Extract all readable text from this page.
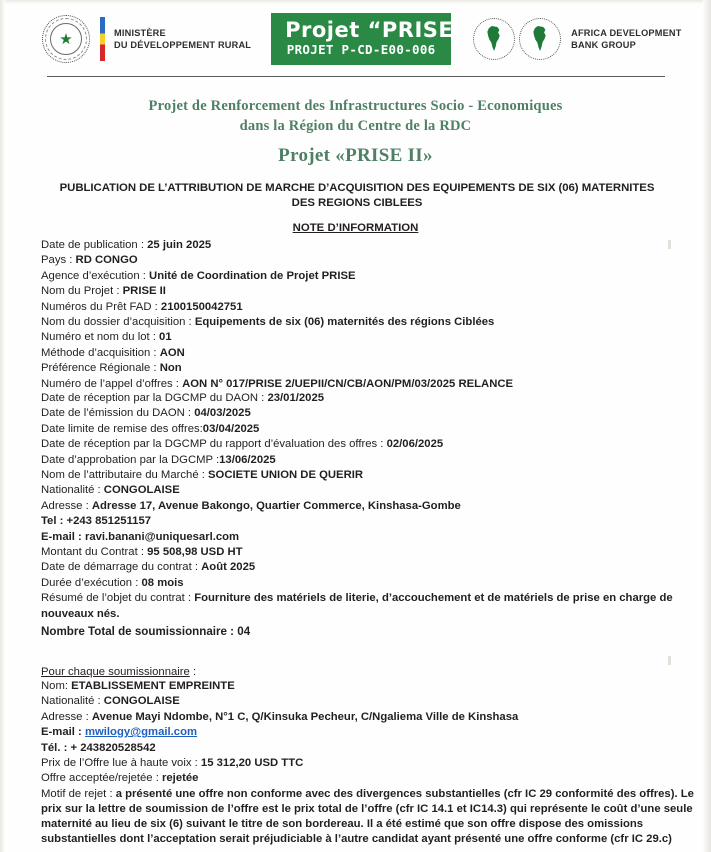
★	MINISTÈRE
DU DÉVELOPPEMENT RURAL
Projet “PRISE”
PROJET P-CD-E00-006
AFRICA DEVELOPMENT
BANK GROUP
Projet de Renforcement des Infrastructures Socio - Economiques
dans la Région du Centre de la RDC
Projet «PRISE II»
PUBLICATION DE L’ATTRIBUTION DE MARCHE D’ACQUISITION DES EQUIPEMENTS DE SIX (06) MATERNITES DES REGIONS CIBLEES
NOTE D’INFORMATION
Date de publication : 25 juin 2025
Pays : RD CONGO
Agence d’exécution : Unité de Coordination de Projet PRISE
Nom du Projet : PRISE II
Numéros du Prêt FAD : 2100150042751
Nom du dossier d’acquisition : Equipements de six (06) maternités des régions Ciblées
Numéro et nom du lot : 01
Méthode d’acquisition : AON
Préférence Régionale : Non
Numéro de l’appel d’offres : AON N° 017/PRISE 2/UEPII/CN/CB/AON/PM/03/2025 RELANCE
Date de réception par la DGCMP du DAON : 23/01/2025
Date de l’émission du DAON : 04/03/2025
Date limite de remise des offres:03/04/2025
Date de réception par la DGCMP du rapport d’évaluation des offres : 02/06/2025
Date d’approbation par la DGCMP :13/06/2025
Nom de l’attributaire du Marché : SOCIETE UNION DE QUERIR
Nationalité : CONGOLAISE
Adresse : Adresse 17, Avenue Bakongo, Quartier Commerce, Kinshasa-Gombe
Tel : +243 851251157
E-mail : ravi.banani@uniquesarl.com
Montant du Contrat : 95 508,98 USD HT
Date de démarrage du contrat : Août 2025
Durée d’exécution : 08 mois
Résumé de l’objet du contrat : Fourniture des matériels de literie, d’accouchement et de matériels de prise en charge de nouveaux nés.
Nombre Total de soumissionnaire : 04
Pour chaque soumissionnaire :
Nom: ETABLISSEMENT EMPREINTE
Nationalité : CONGOLAISE
Adresse : Avenue Mayi Ndombe, N°1 C, Q/Kinsuka Pecheur, C/Ngaliema Ville de Kinshasa
E-mail : mwilogy@gmail.com
Tél. : + 243820528542
Prix de l’Offre lue à haute voix : 15 312,20 USD TTC
Offre acceptée/rejetée : rejetée
Motif de rejet : a présenté une offre non conforme avec des divergences substantielles (cfr IC 29 conformité des offres). Le prix sur la lettre de soumission de l’offre est le prix total de l’offre (cfr IC 14.1 et IC14.3) qui représente le coût d’une seule maternité au lieu de six (6) suivant le titre de son bordereau. Il a été estimé que son offre dispose des omissions substantielles dont l’acceptation serait préjudiciable à l’autre candidat ayant présenté une offre conforme (cfr IC 29.c)
